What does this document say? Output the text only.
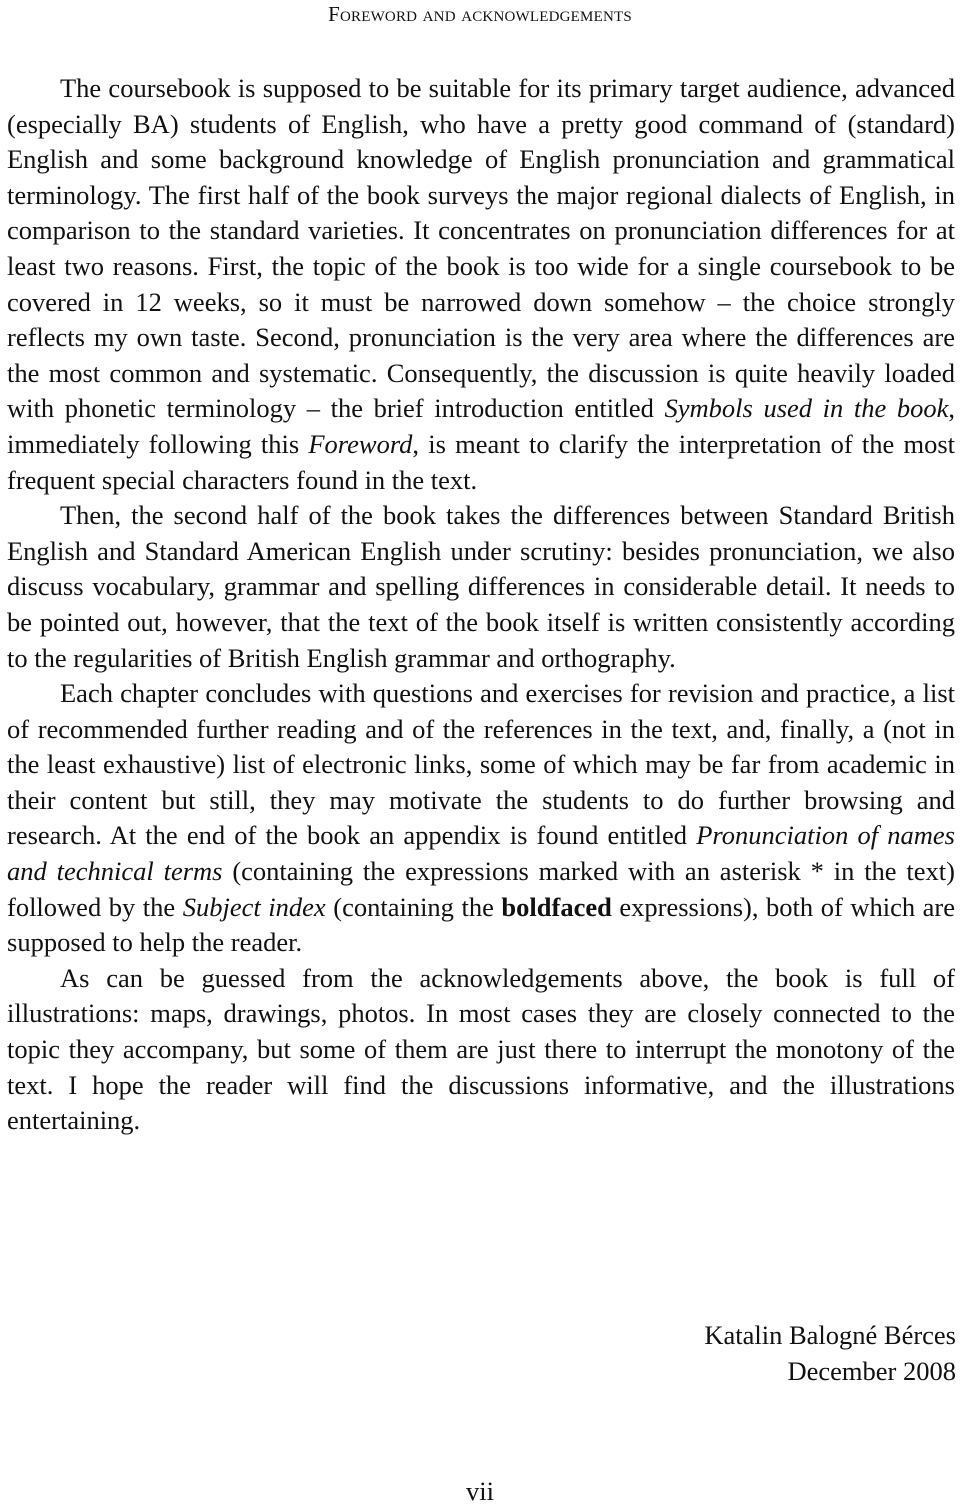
Foreword and acknowledgements

The coursebook is supposed to be suitable for its primary target audience, advanced (especially BA) students of English, who have a pretty good command of (standard) English and some background knowledge of English pronunciation and grammatical terminology. The first half of the book surveys the major regional dialects of English, in comparison to the standard varieties. It concentrates on pronunciation differences for at least two reasons. First, the topic of the book is too wide for a single coursebook to be covered in 12 weeks, so it must be narrowed down somehow – the choice strongly reflects my own taste. Second, pronunciation is the very area where the differences are the most common and systematic. Consequently, the discussion is quite heavily loaded with phonetic terminology – the brief introduction entitled Symbols used in the book, immediately following this Foreword, is meant to clarify the interpretation of the most frequent special characters found in the text.

Then, the second half of the book takes the differences between Standard British English and Standard American English under scrutiny: besides pronunciation, we also discuss vocabulary, grammar and spelling differences in considerable detail. It needs to be pointed out, however, that the text of the book itself is written consistently according to the regularities of British English grammar and orthography.

Each chapter concludes with questions and exercises for revision and practice, a list of recommended further reading and of the references in the text, and, finally, a (not in the least exhaustive) list of electronic links, some of which may be far from academic in their content but still, they may motivate the students to do further browsing and research. At the end of the book an appendix is found entitled Pronunciation of names and technical terms (containing the expressions marked with an asterisk * in the text) followed by the Subject index (containing the boldfaced expressions), both of which are supposed to help the reader.

As can be guessed from the acknowledgements above, the book is full of illustrations: maps, drawings, photos. In most cases they are closely connected to the topic they accompany, but some of them are just there to interrupt the monotony of the text. I hope the reader will find the discussions informative, and the illustrations entertaining.

Katalin Balogné Bérces
December 2008
vii
